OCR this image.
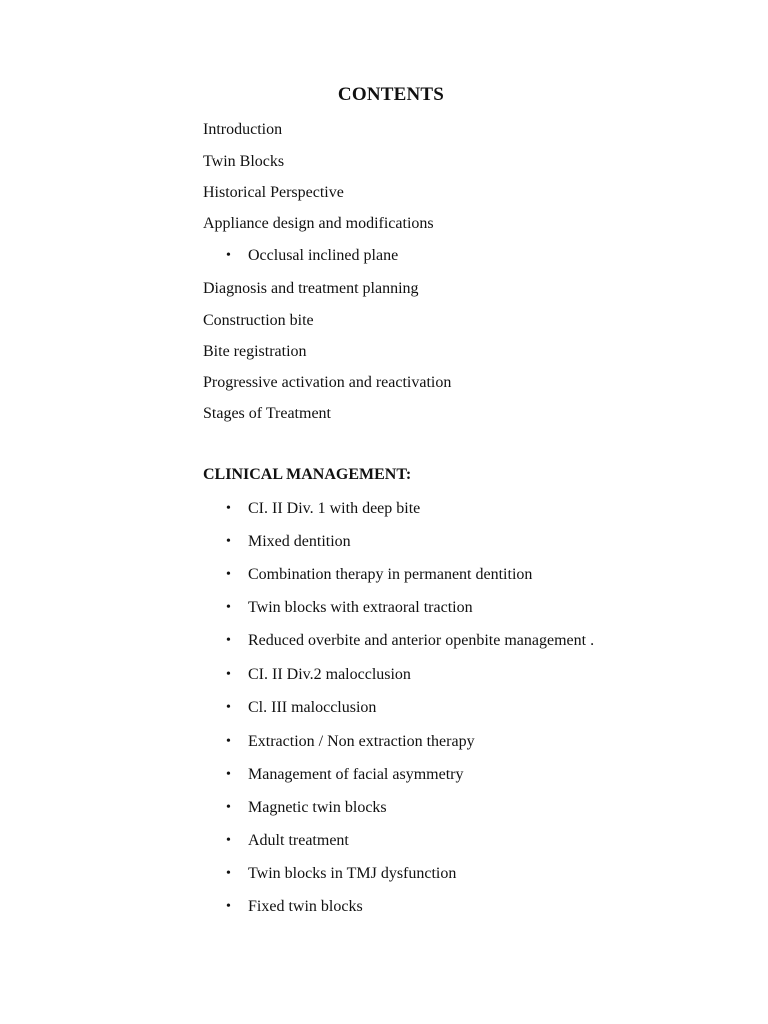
CONTENTS
Introduction
Twin Blocks
Historical Perspective
Appliance design and modifications
• Occlusal inclined plane
Diagnosis and treatment planning
Construction bite
Bite registration
Progressive activation and reactivation
Stages of Treatment
CLINICAL MANAGEMENT:
• CI. II Div. 1 with deep bite
• Mixed dentition
• Combination therapy in permanent dentition
• Twin blocks with extraoral traction
• Reduced overbite and anterior openbite management .
• CI. II Div.2 malocclusion
• Cl. III malocclusion
• Extraction / Non extraction therapy
• Management of facial asymmetry
• Magnetic twin blocks
• Adult treatment
• Twin blocks in TMJ dysfunction
• Fixed twin blocks
